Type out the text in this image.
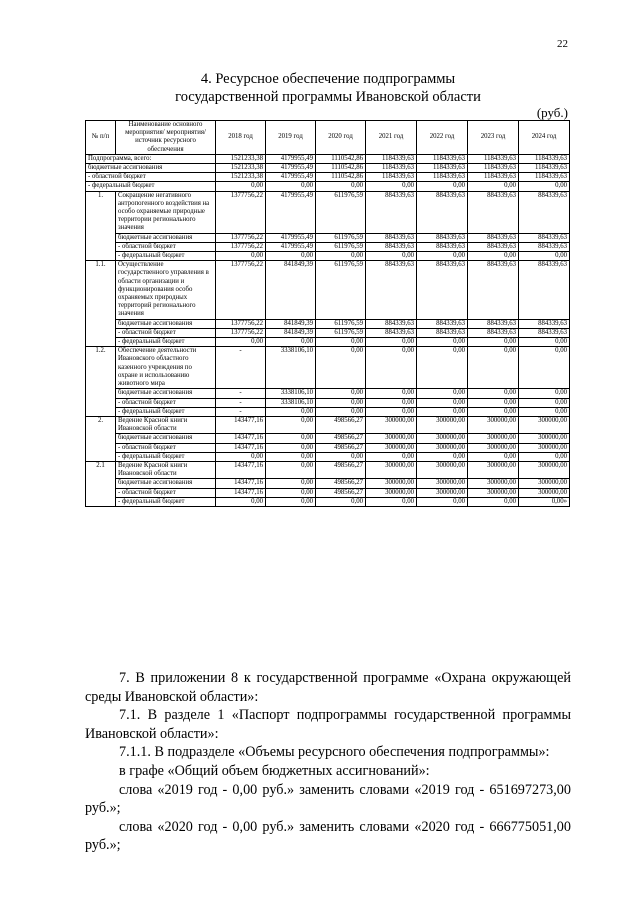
22
4. Ресурсное обеспечение подпрограммы
государственной программы Ивановской области
(руб.)
№ п/п	Наименование основного мероприятия/ мероприятия/ источник ресурсного обеспечения	2018 год	2019 год	2020 год	2021 год	2022 год	2023 год	2024 год
Подпрограмма, всего:		1521233,38	4179955,49	1110542,86	1184339,63	1184339,63	1184339,63	1184339,63
бюджетные ассигнования		1521233,38	4179955,49	1110542,86	1184339,63	1184339,63	1184339,63	1184339,63
- областной бюджет		1521233,38	4179955,49	1110542,86	1184339,63	1184339,63	1184339,63	1184339,63
- федеральный бюджет		0,00	0,00	0,00	0,00	0,00	0,00	0,00
1.	Сокращение негативного антропогенного воздействия на особо охраняемые природные территории регионального значения	1377756,22	4179955,49	611976,59	884339,63	884339,63	884339,63	884339,63
	бюджетные ассигнования	1377756,22	4179955,49	611976,59	884339,63	884339,63	884339,63	884339,63
	- областной бюджет	1377756,22	4179955,49	611976,59	884339,63	884339,63	884339,63	884339,63
	- федеральный бюджет	0,00	0,00	0,00	0,00	0,00	0,00	0,00
1.1.	Осуществление государственного управления в области организации и функционирования особо охраняемых природных территорий регионального значения	1377756,22	841849,39	611976,59	884339,63	884339,63	884339,63	884339,63
	бюджетные ассигнования	1377756,22	841849,39	611976,59	884339,63	884339,63	884339,63	884339,63
	- областной бюджет	1377756,22	841849,39	611976,59	884339,63	884339,63	884339,63	884339,63
	- федеральный бюджет	0,00	0,00	0,00	0,00	0,00	0,00	0,00
1.2.	Обеспечение деятельности Ивановского областного казенного учреждения по охране и использованию животного мира	-	3338106,10	0,00	0,00	0,00	0,00	0,00
	бюджетные ассигнования	-	3338106,10	0,00	0,00	0,00	0,00	0,00
	- областной бюджет	-	3338106,10	0,00	0,00	0,00	0,00	0,00
	- федеральный бюджет	-	0,00	0,00	0,00	0,00	0,00	0,00
2.	Ведение Красной книги Ивановской области	143477,16	0,00	498566,27	300000,00	300000,00	300000,00	300000,00
	бюджетные ассигнования	143477,16	0,00	498566,27	300000,00	300000,00	300000,00	300000,00
	- областной бюджет	143477,16	0,00	498566,27	300000,00	300000,00	300000,00	300000,00
	- федеральный бюджет	0,00	0,00	0,00	0,00	0,00	0,00	0,00
2.1	Ведение Красной книги Ивановской области	143477,16	0,00	498566,27	300000,00	300000,00	300000,00	300000,00
	бюджетные ассигнования	143477,16	0,00	498566,27	300000,00	300000,00	300000,00	300000,00
	- областной бюджет	143477,16	0,00	498566,27	300000,00	300000,00	300000,00	300000,00
	- федеральный бюджет	0,00	0,00	0,00	0,00	0,00	0,00	0,00»

7. В приложении 8 к государственной программе «Охрана окружающей среды Ивановской области»:

7.1. В разделе 1 «Паспорт подпрограммы государственной программы Ивановской области»:

7.1.1. В подразделе «Объемы ресурсного обеспечения подпрограммы»:

в графе «Общий объем бюджетных ассигнований»:

слова «2019 год - 0,00 руб.» заменить словами «2019 год - 651697273,00 руб.»;

слова «2020 год - 0,00 руб.» заменить словами «2020 год - 666775051,00 руб.»;
